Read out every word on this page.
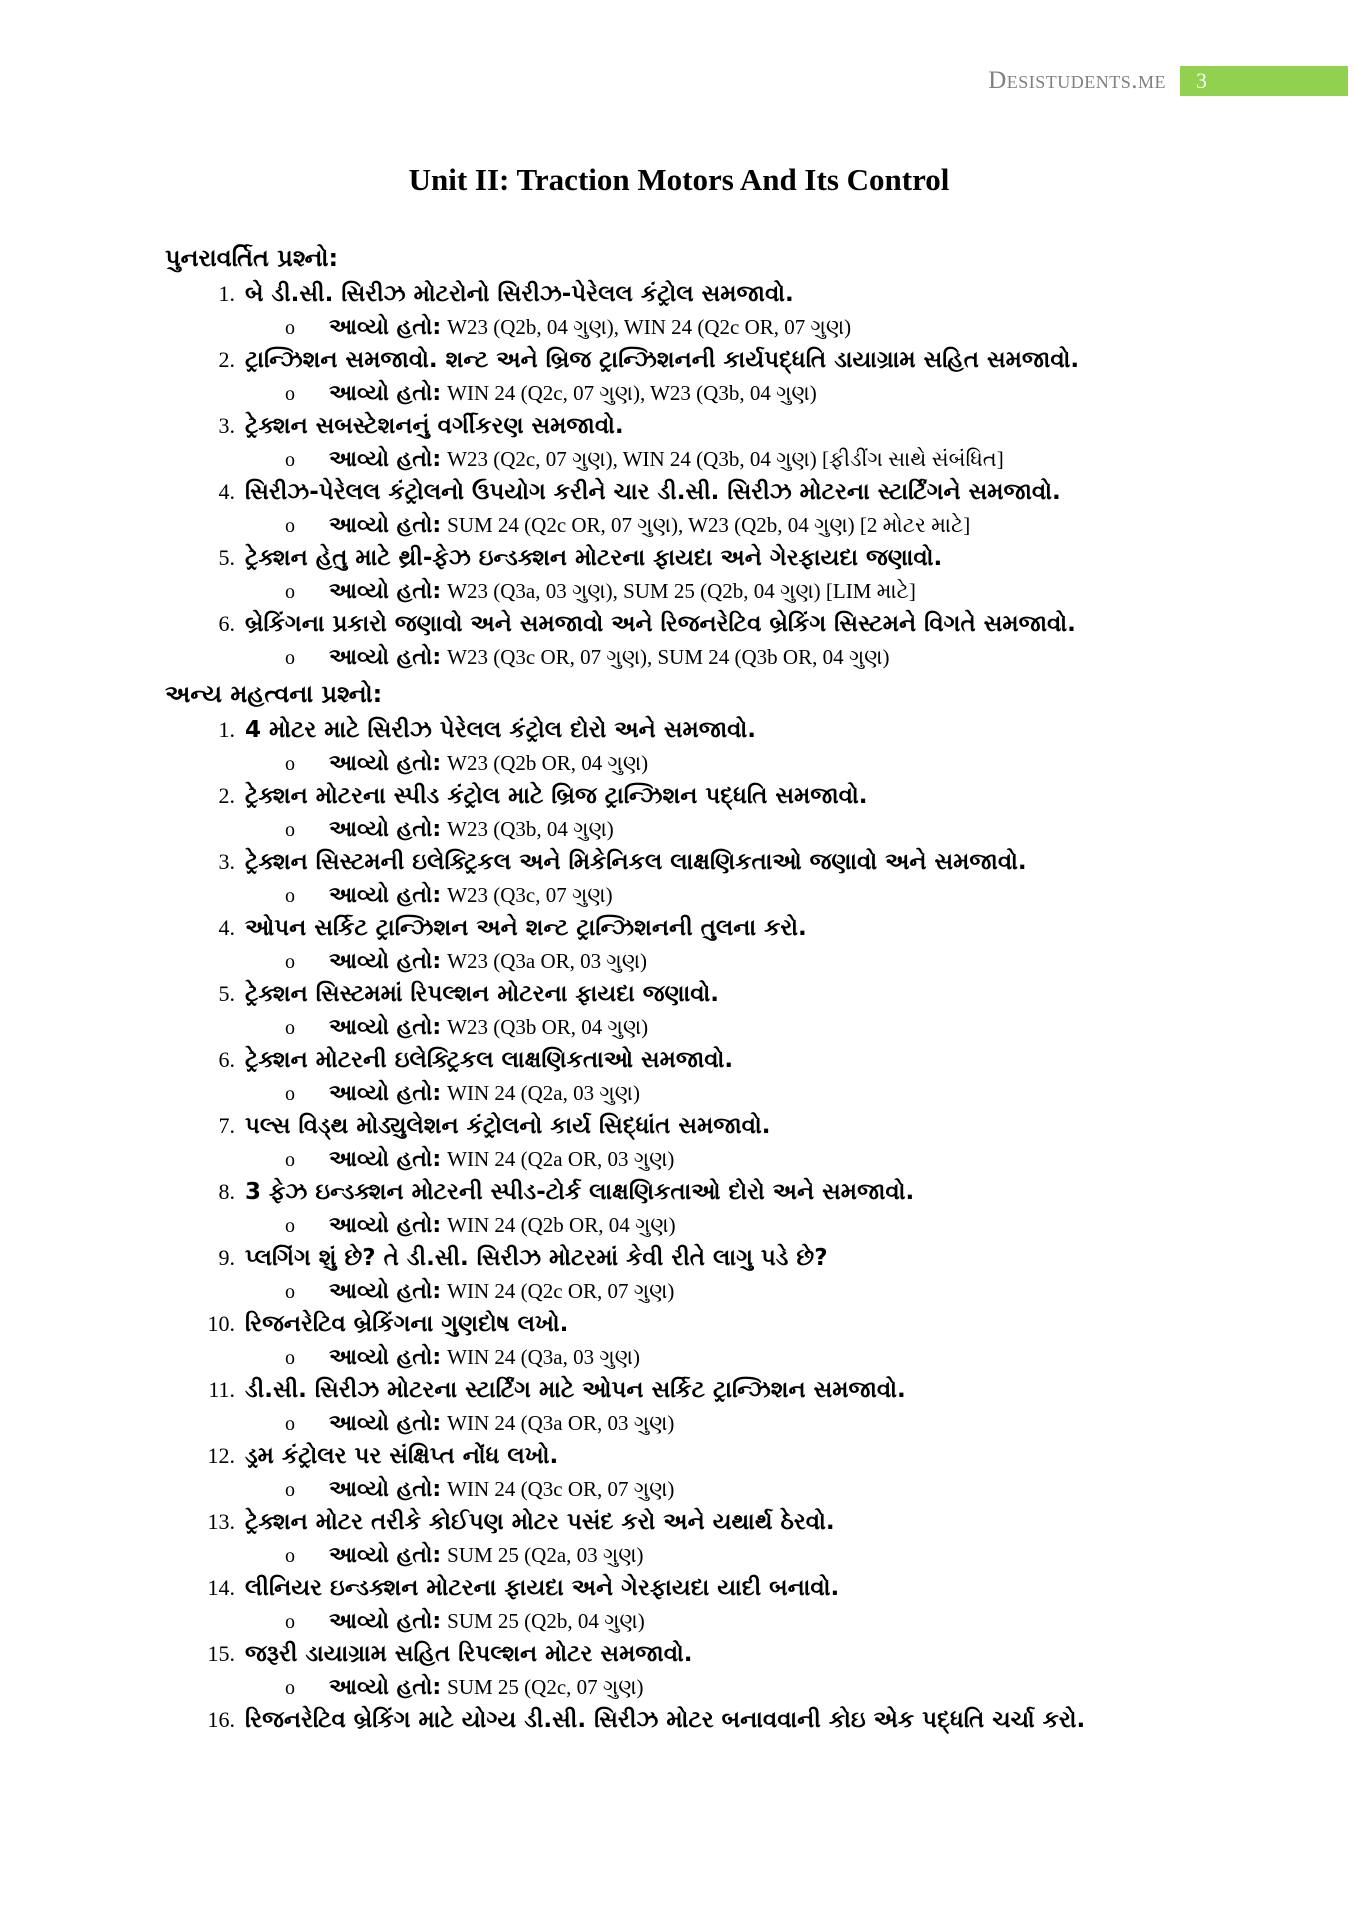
Desistudents.me	3
Unit II: Traction Motors And Its Control
પુનરાવર્તિત પ્રશ્નો:
1. બે ડી.સી. સિરીઝ મોટરોનો સિરીઝ-પેરેલલ કંટ્રોલ સમજાવો.
o	આવ્યો હતો: W23 (Q2b, 04 ગુણ), WIN 24 (Q2c OR, 07 ગુણ)
2. ટ્રાન્ઝિશન સમજાવો. શન્ટ અને બ્રિજ ટ્રાન્ઝિશનની કાર્યપદ્ધતિ ડાયાગ્રામ સહિત સમજાવો.
o	આવ્યો હતો: WIN 24 (Q2c, 07 ગુણ), W23 (Q3b, 04 ગુણ)
3. ટ્રેક્શન સબસ્ટેશનનું વર્ગીકરણ સમજાવો.
o	આવ્યો હતો: W23 (Q2c, 07 ગુણ), WIN 24 (Q3b, 04 ગુણ) [ફીડીંગ સાથે સંબંધિત]
4. સિરીઝ-પેરેલલ કંટ્રોલનો ઉપયોગ કરીને ચાર ડી.સી. સિરીઝ મોટરના સ્ટાર્ટિંગને સમજાવો.
o	આવ્યો હતો: SUM 24 (Q2c OR, 07 ગુણ), W23 (Q2b, 04 ગુણ) [2 મોટર માટે]
5. ટ્રેક્શન હેતુ માટે થ્રી-ફેઝ ઇન્ડક્શન મોટરના ફાયદા અને ગેરફાયદા જણાવો.
o	આવ્યો હતો: W23 (Q3a, 03 ગુણ), SUM 25 (Q2b, 04 ગુણ) [LIM માટે]
6. બ્રેકિંગના પ્રકારો જણાવો અને સમજાવો અને રિજનરેટિવ બ્રેકિંગ સિસ્ટમને વિગતે સમજાવો.
o	આવ્યો હતો: W23 (Q3c OR, 07 ગુણ), SUM 24 (Q3b OR, 04 ગુણ)
અન્ય મહત્વના પ્રશ્નો:
1. 4 મોટર માટે સિરીઝ પેરેલલ કંટ્રોલ દોરો અને સમજાવો.
o	આવ્યો હતો: W23 (Q2b OR, 04 ગુણ)
2. ટ્રેક્શન મોટરના સ્પીડ કંટ્રોલ માટે બ્રિજ ટ્રાન્ઝિશન પદ્ધતિ સમજાવો.
o	આવ્યો હતો: W23 (Q3b, 04 ગુણ)
3. ટ્રેક્શન સિસ્ટમની ઇલેક્ટ્રિકલ અને મિકેનિકલ લાક્ષણિકતાઓ જણાવો અને સમજાવો.
o	આવ્યો હતો: W23 (Q3c, 07 ગુણ)
4. ઓપન સર્કિટ ટ્રાન્ઝિશન અને શન્ટ ટ્રાન્ઝિશનની તુલના કરો.
o	આવ્યો હતો: W23 (Q3a OR, 03 ગુણ)
5. ટ્રેક્શન સિસ્ટમમાં રિપલ્શન મોટરના ફાયદા જણાવો.
o	આવ્યો હતો: W23 (Q3b OR, 04 ગુણ)
6. ટ્રેક્શન મોટરની ઇલેક્ટ્રિકલ લાક્ષણિકતાઓ સમજાવો.
o	આવ્યો હતો: WIN 24 (Q2a, 03 ગુણ)
7. પલ્સ વિડ્થ મોડ્યુલેશન કંટ્રોલનો કાર્ય સિદ્ધાંત સમજાવો.
o	આવ્યો હતો: WIN 24 (Q2a OR, 03 ગુણ)
8. 3 ફેઝ ઇન્ડક્શન મોટરની સ્પીડ-ટોર્ક લાક્ષણિકતાઓ દોરો અને સમજાવો.
o	આવ્યો હતો: WIN 24 (Q2b OR, 04 ગુણ)
9. પ્લગિંગ શું છે? તે ડી.સી. સિરીઝ મોટરમાં કેવી રીતે લાગુ પડે છે?
o	આવ્યો હતો: WIN 24 (Q2c OR, 07 ગુણ)
10. રિજનરેટિવ બ્રેકિંગના ગુણદોષ લખો.
o	આવ્યો હતો: WIN 24 (Q3a, 03 ગુણ)
11. ડી.સી. સિરીઝ મોટરના સ્ટાર્ટિંગ માટે ઓપન સર્કિટ ટ્રાન્ઝિશન સમજાવો.
o	આવ્યો હતો: WIN 24 (Q3a OR, 03 ગુણ)
12. ડ્રમ કંટ્રોલર પર સંક્ષિપ્ત નોંધ લખો.
o	આવ્યો હતો: WIN 24 (Q3c OR, 07 ગુણ)
13. ટ્રેક્શન મોટર તરીકે કોઈપણ મોટર પસંદ કરો અને યથાર્થ ઠેરવો.
o	આવ્યો હતો: SUM 25 (Q2a, 03 ગુણ)
14. લીનિયર ઇન્ડક્શન મોટરના ફાયદા અને ગેરફાયદા યાદી બનાવો.
o	આવ્યો હતો: SUM 25 (Q2b, 04 ગુણ)
15. જરૂરી ડાયાગ્રામ સહિત રિપલ્શન મોટર સમજાવો.
o	આવ્યો હતો: SUM 25 (Q2c, 07 ગુણ)
16. રિજનરેટિવ બ્રેકિંગ માટે યોગ્ય ડી.સી. સિરીઝ મોટર બનાવવાની કોઇ એક પદ્ધતિ ચર્ચા કરો.
